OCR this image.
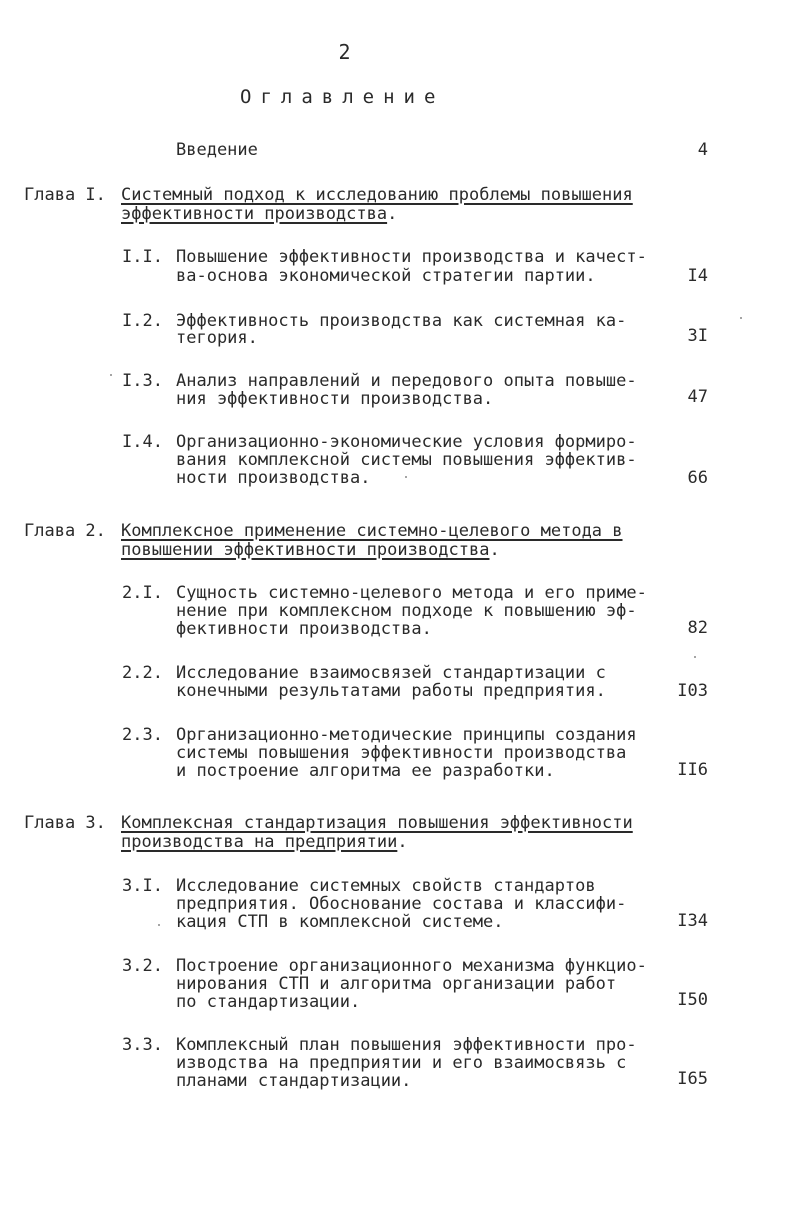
2
Оглавление
Введение	4
Глава I. Системный подход к исследованию проблемы повышения
эффективности производства.
I.I. Повышение эффективности производства и качест-
ва-основа экономической стратегии партии.	I4
I.2. Эффективность производства как системная ка-
тегория.	3I
I.3. Анализ направлений и передового опыта повыше-
ния эффективности производства.	47
I.4. Организационно-экономические условия формиро-
вания комплексной системы повышения эффектив-
ности производства.	66
Глава 2. Комплексное применение системно-целевого метода в
повышении эффективности производства.
2.I. Сущность системно-целевого метода и его приме-
нение при комплексном подходе к повышению эф-
фективности производства.	82
2.2. Исследование взаимосвязей стандартизации с
конечными результатами работы предприятия.	I03
2.3. Организационно-методические принципы создания
системы повышения эффективности производства
и построение алгоритма ее разработки.	II6
Глава 3. Комплексная стандартизация повышения эффективности
производства на предприятии.
3.I. Исследование системных свойств стандартов
предприятия. Обоснование состава и классифи-
кация СТП в комплексной системе.	I34
3.2. Построение организационного механизма функцио-
нирования СТП и алгоритма организации работ
по стандартизации.	I50
3.3. Комплексный план повышения эффективности про-
изводства на предприятии и его взаимосвязь с
планами стандартизации.	I65
